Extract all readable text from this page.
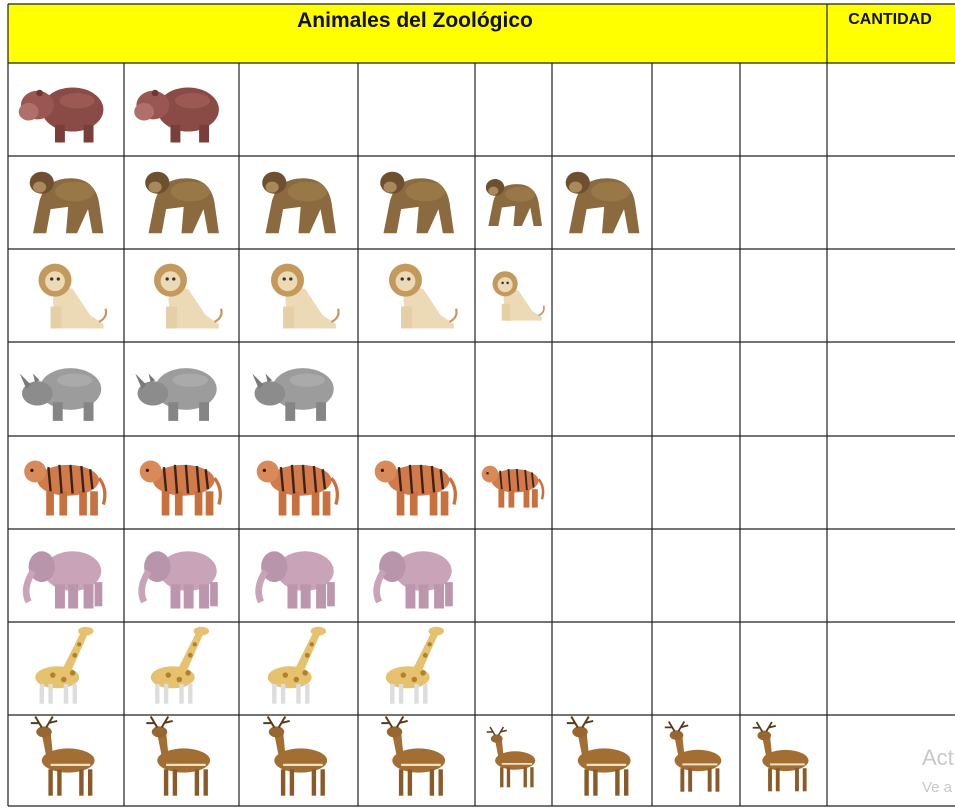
Animales del Zoológico	CANTIDAD
Act
Ve a
